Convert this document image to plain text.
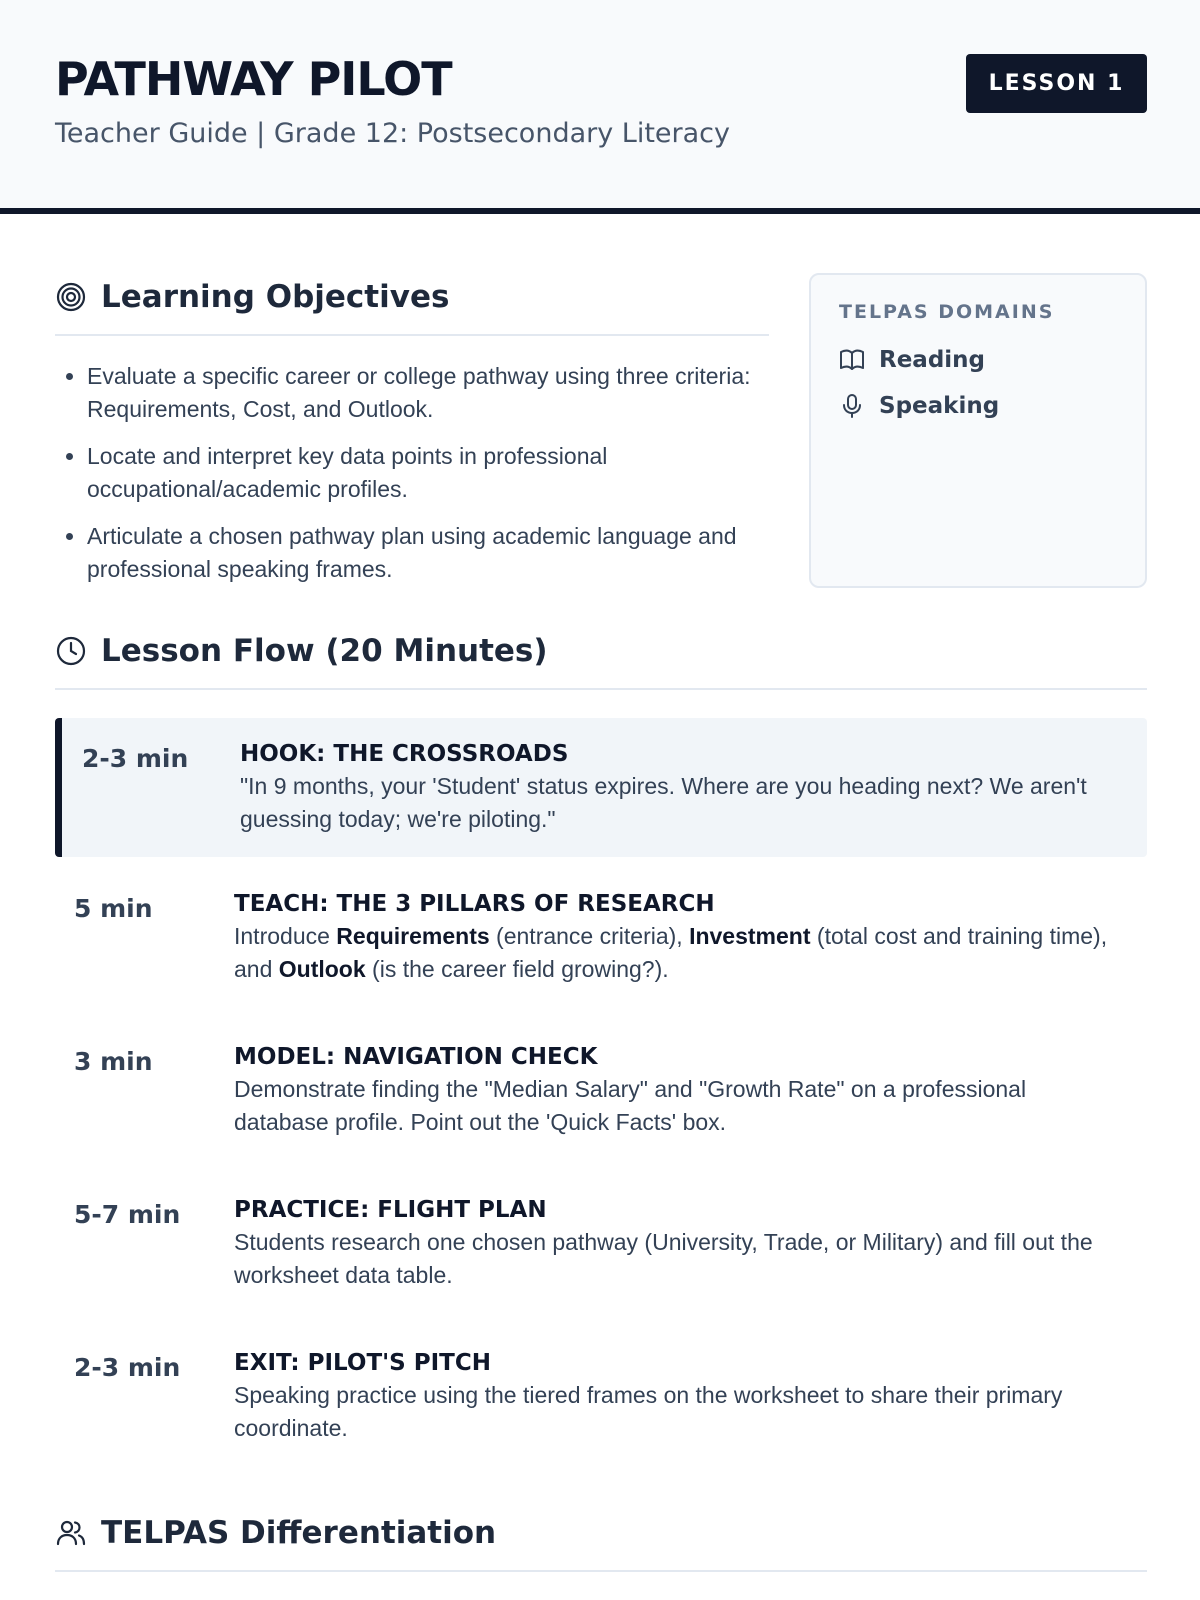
PATHWAY PILOT
Teacher Guide | Grade 12: Postsecondary Literacy
LESSON 1
Learning Objectives
• Evaluate a specific career or college pathway using three criteria: Requirements, Cost, and Outlook.
• Locate and interpret key data points in professional occupational/academic profiles.
• Articulate a chosen pathway plan using academic language and professional speaking frames.
TELPAS DOMAINS
Reading
Speaking
Lesson Flow (20 Minutes)
2-3 min HOOK: THE CROSSROADS
"In 9 months, your 'Student' status expires. Where are you heading next? We aren't guessing today; we're piloting."
5 min	TEACH: THE 3 PILLARS OF RESEARCH
Introduce Requirements (entrance criteria), Investment (total cost and training time), and Outlook (is the career field growing?).
3 min	MODEL: NAVIGATION CHECK
Demonstrate finding the "Median Salary" and "Growth Rate" on a professional database profile. Point out the 'Quick Facts' box.
5-7 min PRACTICE: FLIGHT PLAN
Students research one chosen pathway (University, Trade, or Military) and fill out the worksheet data table.
2-3 min EXIT: PILOT'S PITCH
Speaking practice using the tiered frames on the worksheet to share their primary coordinate.
TELPAS Differentiation
